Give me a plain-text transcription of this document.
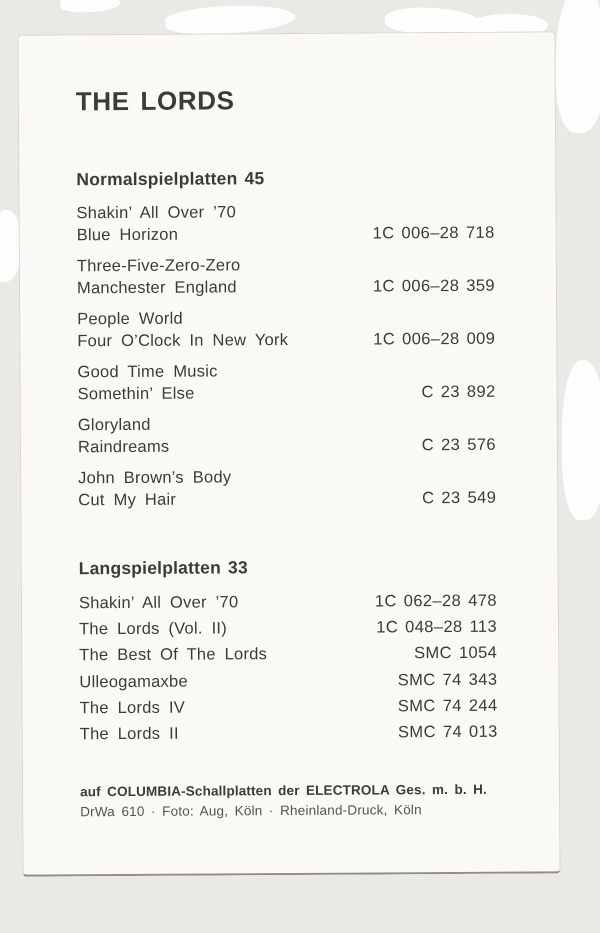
THE LORDS
Normalspielplatten 45
Shakin’ All Over ’70
Blue Horizon	1C 006–28 718
Three-Five-Zero-Zero
Manchester England	1C 006–28 359
People World
Four O’Clock In New York	1C 006–28 009
Good Time Music
Somethin’ Else	C 23 892
Gloryland
Raindreams	C 23 576
John Brown’s Body
Cut My Hair	C 23 549
Langspielplatten 33
Shakin’ All Over ’70	1C 062–28 478
The Lords (Vol. II)	1C 048–28 113
The Best Of The Lords	SMC 1054
Ulleogamaxbe	SMC 74 343
The Lords IV	SMC 74 244
The Lords II	SMC 74 013
auf COLUMBIA-Schallplatten der ELECTROLA Ges. m. b. H.
DrWa 610 · Foto: Aug, Köln · Rheinland-Druck, Köln
